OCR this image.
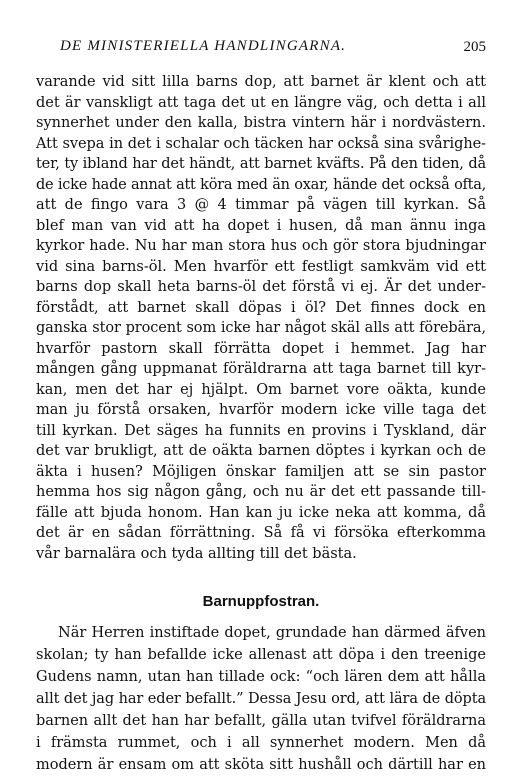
DE MINISTERIELLA HANDLINGARNA.	205
varande vid sitt lilla barns dop, att barnet är klent och att
det är vanskligt att taga det ut en längre väg, och detta i all
synnerhet under den kalla, bistra vintern här i nordvästern.
Att svepa in det i schalar och täcken har också sina svårighe-
ter, ty ibland har det händt, att barnet kväfts. På den tiden, då
de icke hade annat att köra med än oxar, hände det också ofta,
att de fingo vara 3 @ 4 timmar på vägen till kyrkan. Så
blef man van vid att ha dopet i husen, då man ännu inga
kyrkor hade. Nu har man stora hus och gör stora bjudningar
vid sina barns-öl. Men hvarför ett festligt samkväm vid ett
barns dop skall heta barns-öl det förstå vi ej. Är det under-
förstådt, att barnet skall döpas i öl? Det finnes dock en
ganska stor procent som icke har något skäl alls att förebära,
hvarför pastorn skall förrätta dopet i hemmet. Jag har
mången gång uppmanat föräldrarna att taga barnet till kyr-
kan, men det har ej hjälpt. Om barnet vore oäkta, kunde
man ju förstå orsaken, hvarför modern icke ville taga det
till kyrkan. Det säges ha funnits en provins i Tyskland, där
det var brukligt, att de oäkta barnen döptes i kyrkan och de
äkta i husen? Möjligen önskar familjen att se sin pastor
hemma hos sig någon gång, och nu är det ett passande till-
fälle att bjuda honom. Han kan ju icke neka att komma, då
det är en sådan förrättning. Så få vi försöka efterkomma
vår barnalära och tyda allting till det bästa.
Barnuppfostran.
När Herren instiftade dopet, grundade han därmed äfven
skolan; ty han befallde icke allenast att döpa i den treenige
Gudens namn, utan han tillade ock: “och lären dem att hålla
allt det jag har eder befallt.” Dessa Jesu ord, att lära de döpta
barnen allt det han har befallt, gälla utan tvifvel föräldrarna
i främsta rummet, och i all synnerhet modern. Men då
modern är ensam om att sköta sitt hushåll och därtill har en
